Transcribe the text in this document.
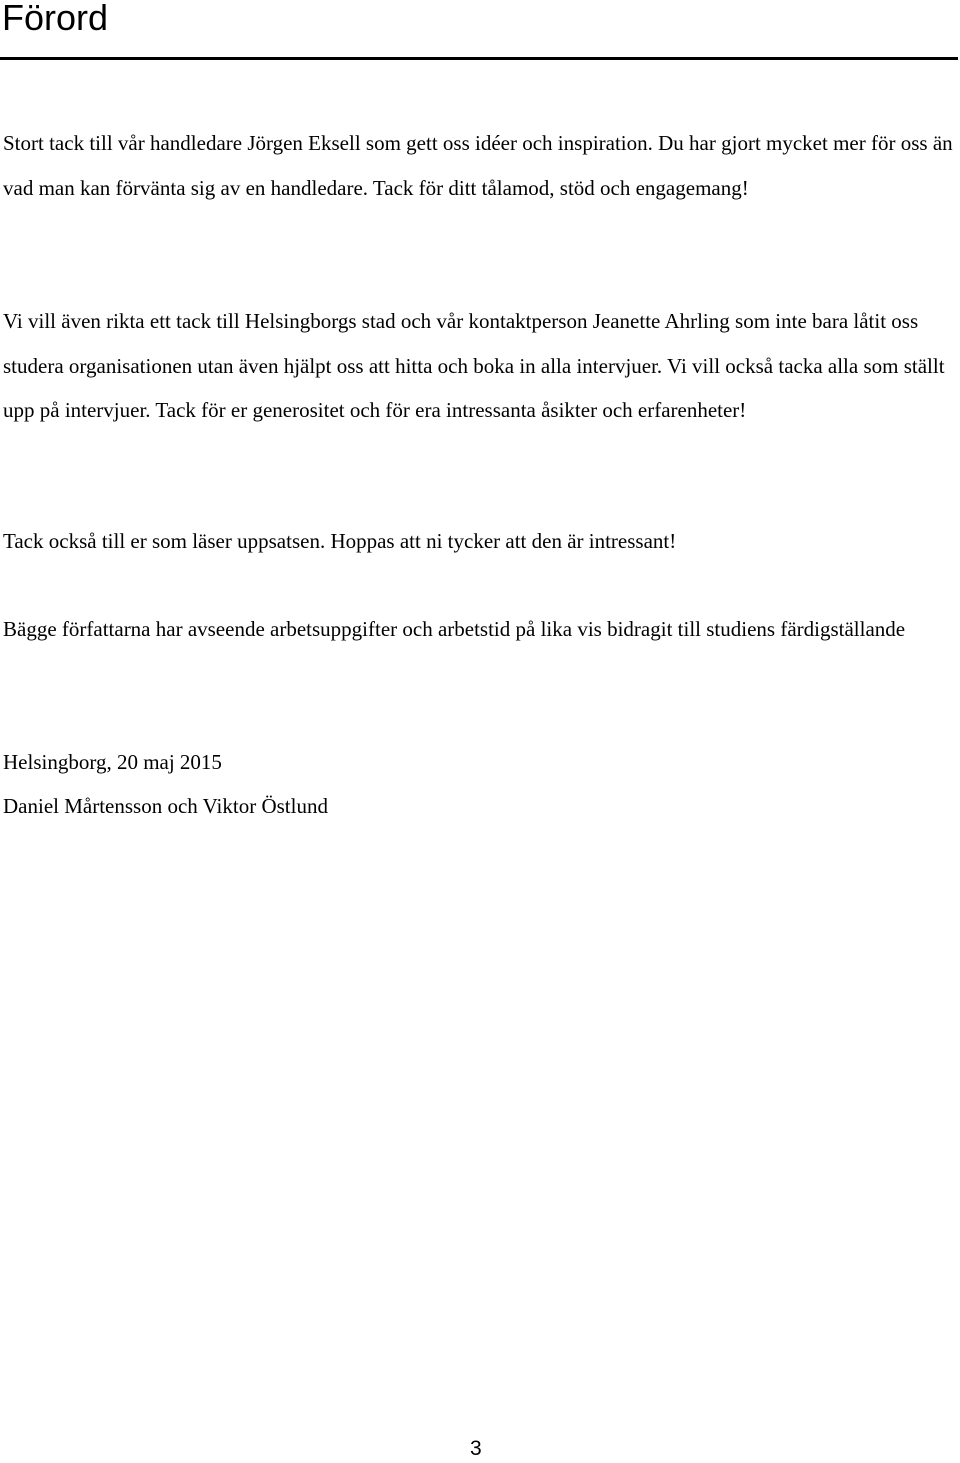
Förord

Stort tack till vår handledare Jörgen Eksell som gett oss idéer och inspiration. Du har gjort mycket mer för oss än vad man kan förvänta sig av en handledare. Tack för ditt tålamod, stöd och engagemang!

Vi vill även rikta ett tack till Helsingborgs stad och vår kontaktperson Jeanette Ahrling som inte bara låtit oss studera organisationen utan även hjälpt oss att hitta och boka in alla intervjuer. Vi vill också tacka alla som ställt upp på intervjuer. Tack för er generositet och för era intressanta åsikter och erfarenheter!

Tack också till er som läser uppsatsen. Hoppas att ni tycker att den är intressant!

Bägge författarna har avseende arbetsuppgifter och arbetstid på lika vis bidragit till studiens färdigställande

Helsingborg, 20 maj 2015

Daniel Mårtensson och Viktor Östlund

3
